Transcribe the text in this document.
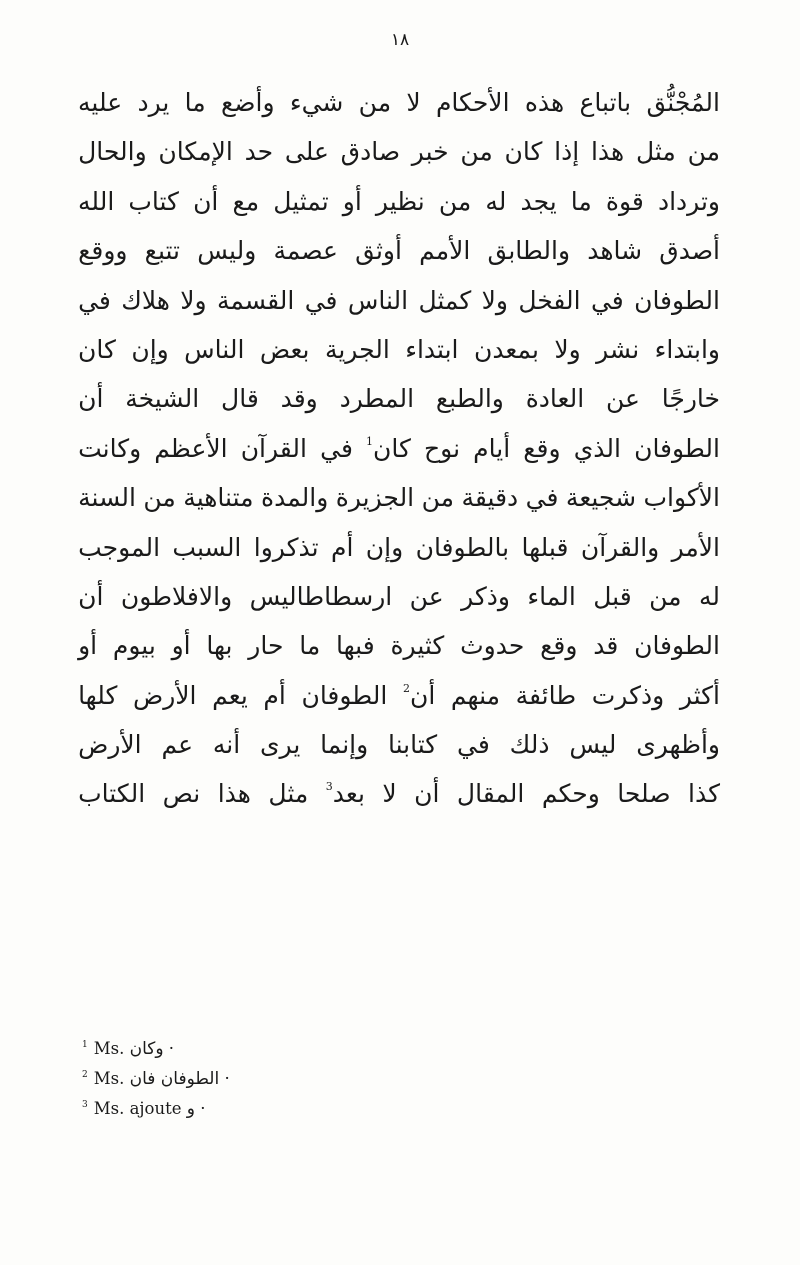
١٨
المُجْنُّق
باتباع
هذه
الأحكام
لا
من
شيء
وأضع
ما
يرد
عليه
من
مثل
هذا
إذا
كان
من
خبر
صادق
على
حد
الإمكان
والحال
وترداد
قوة
ما
يجد
له
من
نظير
أو
تمثيل
مع
أن
كتاب
الله
أصدق
شاهد
والطابق
الأمم
أوثق
عصمة
وليس
تتبع
ووقع
الطوفان
في
الفخل
ولا
كمثل
الناس
في
القسمة
ولا
هلاك
في
وابتداء
نشر
ولا
بمعدن
ابتداء
الجرية
بعض
الناس
وإن
كان
خارجًا
عن
العادة
والطبع
المطرد
وقد
قال
الشيخة
أن
الطوفان
الذي
وقع
أيام
نوح
كان$^1$
في
القرآن
الأعظم
وكانت
الأكواب
شجيعة
في
دقيقة
من
الجزيرة
والمدة
متناهية
من
السنة
الأمر
والقرآن
قبلها
بالطوفان
وإن
أم
تذكروا
السبب
الموجب
له
من
قبل
الماء
وذكر
عن
ارسطاطاليس
والافلاطون
أن
الطوفان
قد
وقع
حدوث
كثيرة
فبها
ما
حار
بها
أو
بيوم
أو
أكثر
وذكرت
طائفة
منهم
أن$^2$
الطوفان
أم
يعم
الأرض
كلها
وأظهرى
ليس
ذلك
في
كتابنا
وإنما
يرى
أنه
عم
الأرض
كذا
صلحا
وحكم
المقال
أن
لا
بعد$^3$
مثل
هذا
نص
الكتاب
$^1$ Ms. وكان ·
$^2$ Ms. الطوفان فان ·
$^3$ Ms. ajoute و ·
